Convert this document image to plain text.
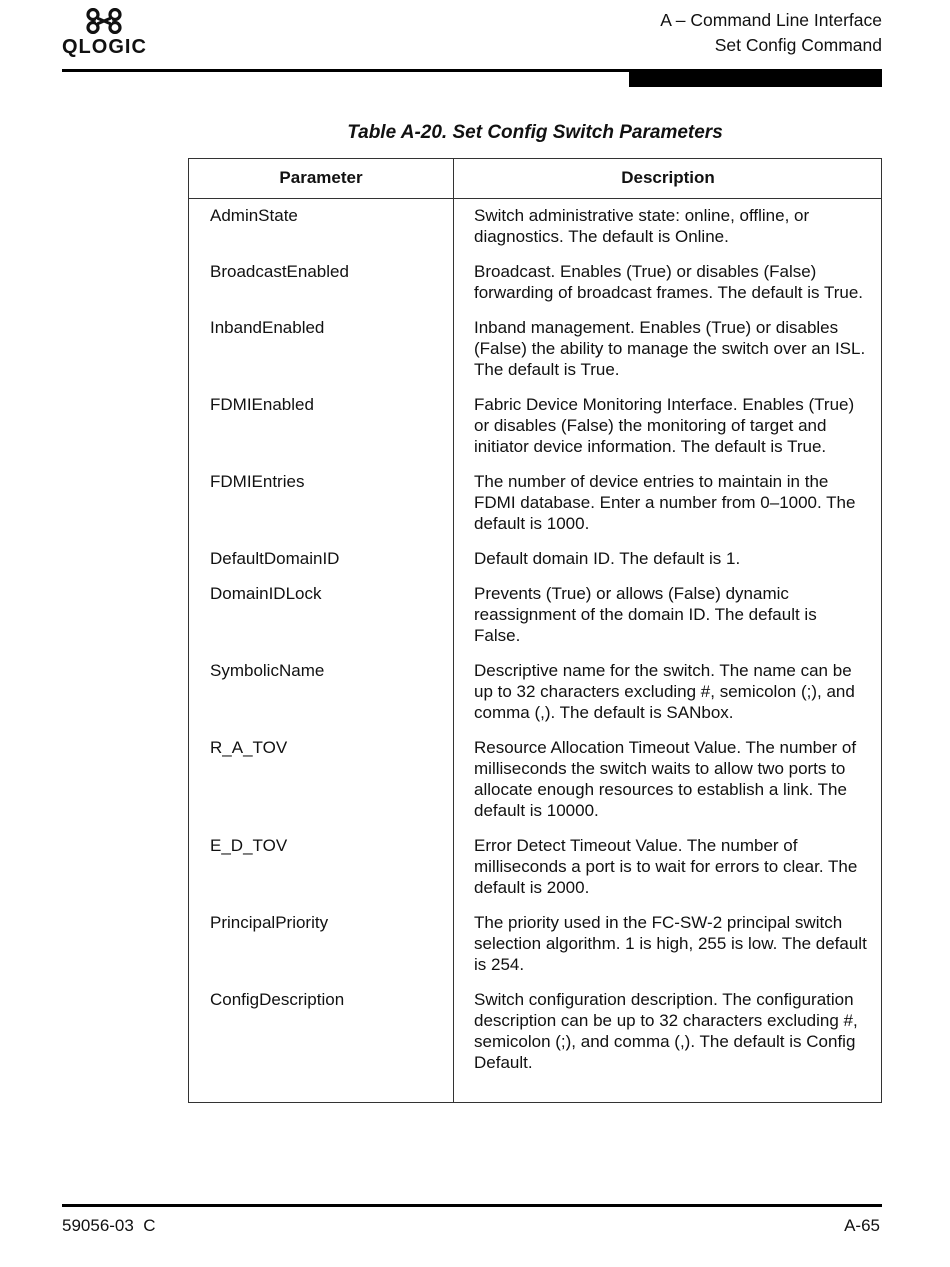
QLOGIC
A – Command Line Interface
Set Config Command
Table A-20. Set Config Switch Parameters
Parameter	Description
AdminState	Switch administrative state: online, offline, or diagnostics. The default is Online.
BroadcastEnabled	Broadcast. Enables (True) or disables (False) forwarding of broadcast frames. The default is True.
InbandEnabled	Inband management. Enables (True) or disables (False) the ability to manage the switch over an ISL. The default is True.
FDMIEnabled	Fabric Device Monitoring Interface. Enables (True) or disables (False) the monitoring of target and initiator device information. The default is True.
FDMIEntries	The number of device entries to maintain in the FDMI database. Enter a number from 0–1000. The default is 1000.
DefaultDomainID	Default domain ID. The default is 1.
DomainIDLock	Prevents (True) or allows (False) dynamic reassignment of the domain ID. The default is False.
SymbolicName	Descriptive name for the switch. The name can be up to 32 characters excluding #, semicolon (;), and comma (,). The default is SANbox.
R_A_TOV	Resource Allocation Timeout Value. The number of milliseconds the switch waits to allow two ports to allocate enough resources to establish a link. The default is 10000.
E_D_TOV	Error Detect Timeout Value. The number of milliseconds a port is to wait for errors to clear. The default is 2000.
PrincipalPriority	The priority used in the FC-SW-2 principal switch selection algorithm. 1 is high, 255 is low. The default is 254.
ConfigDescription	Switch configuration description. The configuration description can be up to 32 characters excluding #, semicolon (;), and comma (,). The default is Config Default.
59056-03  C	A-65
